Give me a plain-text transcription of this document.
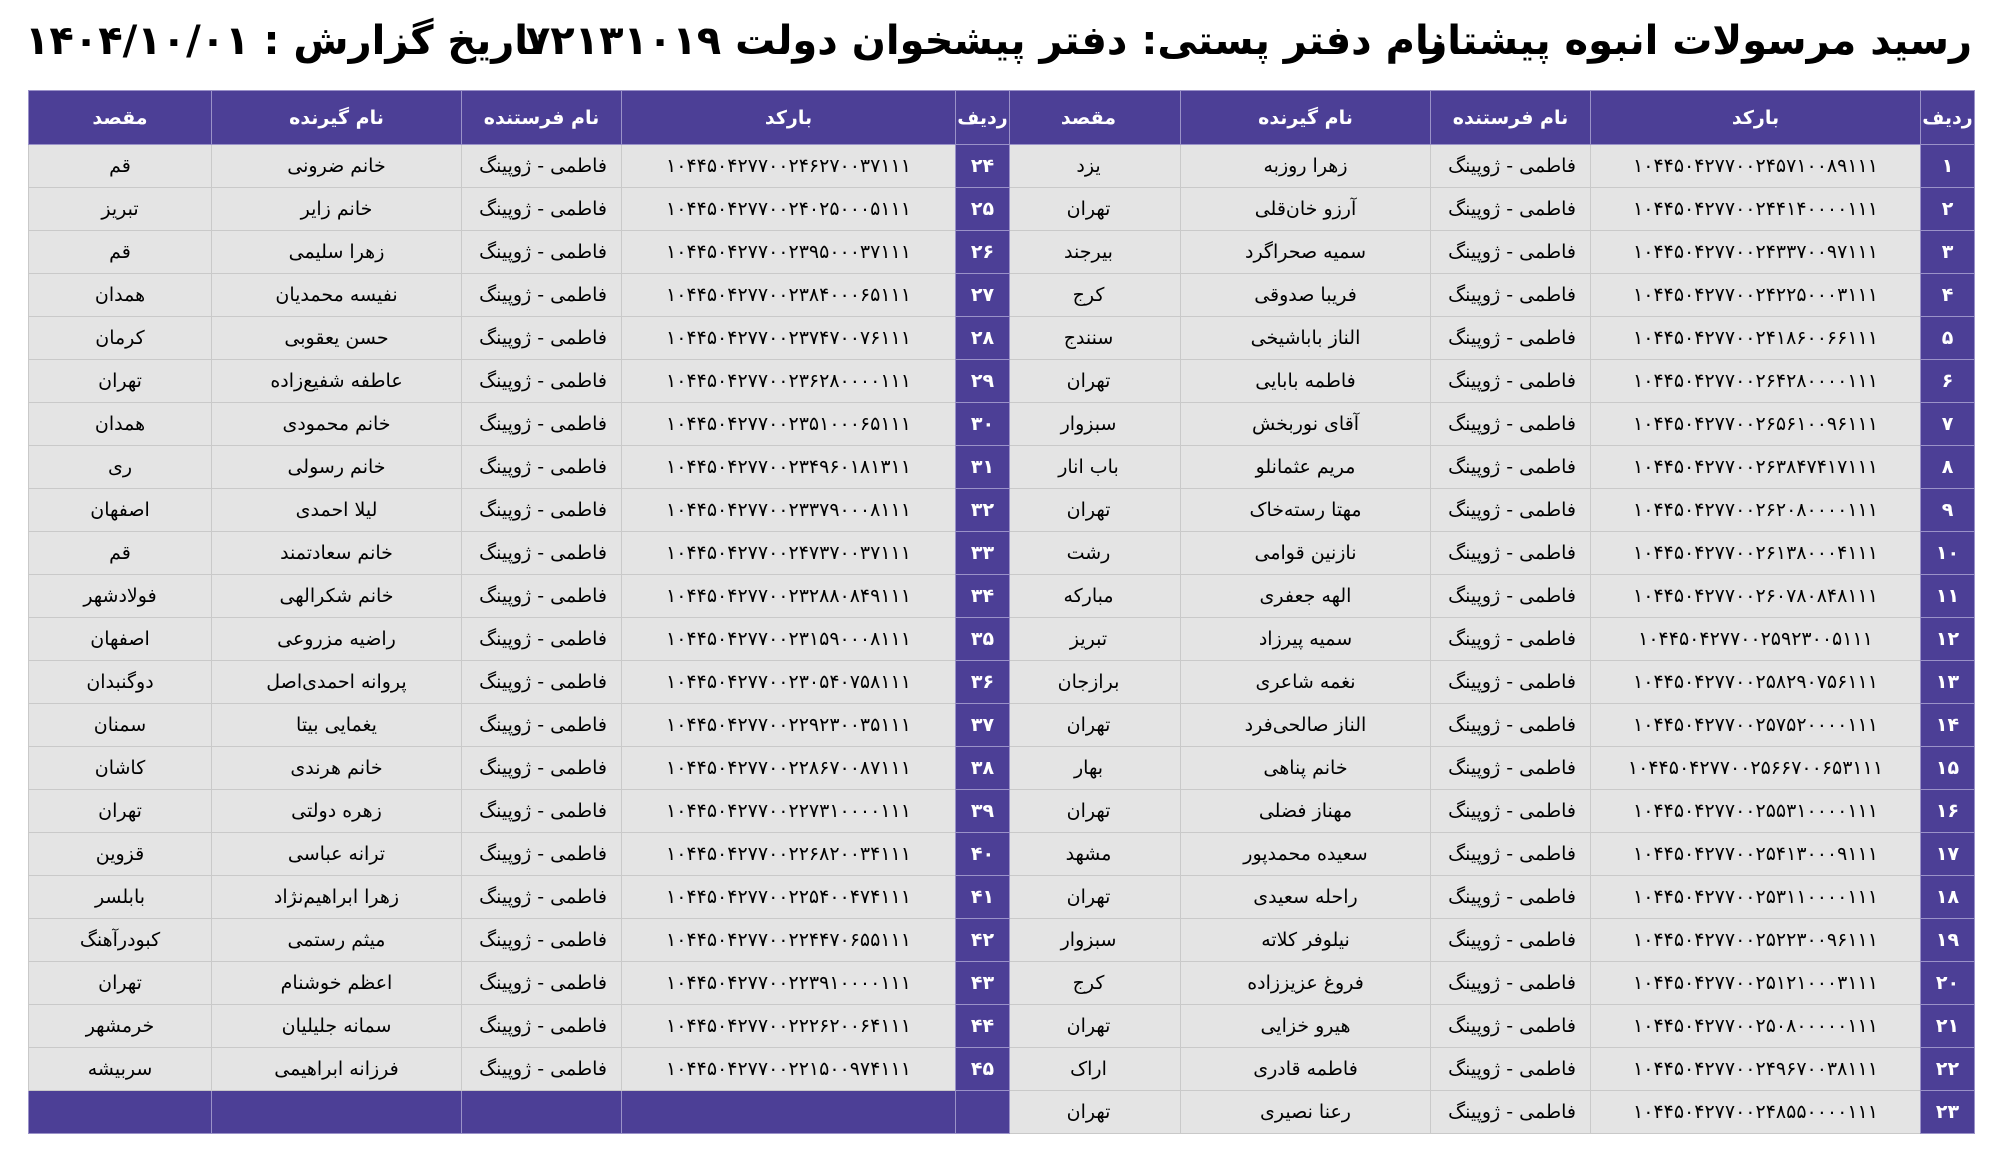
رسید مرسولات انبوه پیشتاز
نام دفتر پستی: دفتر پیشخوان دولت ۷۲۱۳۱۰۱۹
تاریخ گزارش : ۱۴۰۴/۱۰/۰۱
ردیف	بارکد	نام فرستنده	نام گیرنده	مقصد
۱	۱۰۴۴۵۰۴۲۷۷۰۰۲۴۵۷۱۰۰۸۹۱۱۱	فاطمی - ژوپینگ	زهرا روزبه	یزد
۲	۱۰۴۴۵۰۴۲۷۷۰۰۲۴۴۱۴۰۰۰۰۱۱۱	فاطمی - ژوپینگ	آرزو خان‌قلی	تهران
۳	۱۰۴۴۵۰۴۲۷۷۰۰۲۴۳۳۷۰۰۹۷۱۱۱	فاطمی - ژوپینگ	سمیه صحراگرد	بیرجند
۴	۱۰۴۴۵۰۴۲۷۷۰۰۲۴۲۲۵۰۰۰۳۱۱۱	فاطمی - ژوپینگ	فریبا صدوقی	کرج
۵	۱۰۴۴۵۰۴۲۷۷۰۰۲۴۱۸۶۰۰۶۶۱۱۱	فاطمی - ژوپینگ	الناز باباشیخی	سنندج
۶	۱۰۴۴۵۰۴۲۷۷۰۰۲۶۴۲۸۰۰۰۰۱۱۱	فاطمی - ژوپینگ	فاطمه بابایی	تهران
۷	۱۰۴۴۵۰۴۲۷۷۰۰۲۶۵۶۱۰۰۹۶۱۱۱	فاطمی - ژوپینگ	آقای نوربخش	سبزوار
۸	۱۰۴۴۵۰۴۲۷۷۰۰۲۶۳۸۴۷۴۱۷۱۱۱	فاطمی - ژوپینگ	مریم عثمانلو	باب انار
۹	۱۰۴۴۵۰۴۲۷۷۰۰۲۶۲۰۸۰۰۰۰۱۱۱	فاطمی - ژوپینگ	مهتا رسته‌خاک	تهران
۱۰	۱۰۴۴۵۰۴۲۷۷۰۰۲۶۱۳۸۰۰۰۴۱۱۱	فاطمی - ژوپینگ	نازنین قوامی	رشت
۱۱	۱۰۴۴۵۰۴۲۷۷۰۰۲۶۰۷۸۰۸۴۸۱۱۱	فاطمی - ژوپینگ	الهه جعفری	مبارکه
۱۲	۱۰۴۴۵۰۴۲۷۷۰۰۲۵۹۲۳۰۰۵۱۱۱	فاطمی - ژوپینگ	سمیه پیرزاد	تبریز
۱۳	۱۰۴۴۵۰۴۲۷۷۰۰۲۵۸۲۹۰۷۵۶۱۱۱	فاطمی - ژوپینگ	نغمه شاعری	برازجان
۱۴	۱۰۴۴۵۰۴۲۷۷۰۰۲۵۷۵۲۰۰۰۰۱۱۱	فاطمی - ژوپینگ	الناز صالحی‌فرد	تهران
۱۵	۱۰۴۴۵۰۴۲۷۷۰۰۲۵۶۶۷۰۰۶۵۳۱۱۱	فاطمی - ژوپینگ	خانم پناهی	بهار
۱۶	۱۰۴۴۵۰۴۲۷۷۰۰۲۵۵۳۱۰۰۰۰۱۱۱	فاطمی - ژوپینگ	مهناز فضلی	تهران
۱۷	۱۰۴۴۵۰۴۲۷۷۰۰۲۵۴۱۳۰۰۰۹۱۱۱	فاطمی - ژوپینگ	سعیده محمدپور	مشهد
۱۸	۱۰۴۴۵۰۴۲۷۷۰۰۲۵۳۱۱۰۰۰۰۱۱۱	فاطمی - ژوپینگ	راحله سعیدی	تهران
۱۹	۱۰۴۴۵۰۴۲۷۷۰۰۲۵۲۲۳۰۰۹۶۱۱۱	فاطمی - ژوپینگ	نیلوفر کلاته	سبزوار
۲۰	۱۰۴۴۵۰۴۲۷۷۰۰۲۵۱۲۱۰۰۰۳۱۱۱	فاطمی - ژوپینگ	فروغ عزیززاده	کرج
۲۱	۱۰۴۴۵۰۴۲۷۷۰۰۲۵۰۸۰۰۰۰۰۱۱۱	فاطمی - ژوپینگ	هیرو خزایی	تهران
۲۲	۱۰۴۴۵۰۴۲۷۷۰۰۲۴۹۶۷۰۰۳۸۱۱۱	فاطمی - ژوپینگ	فاطمه قادری	اراک
۲۳	۱۰۴۴۵۰۴۲۷۷۰۰۲۴۸۵۵۰۰۰۰۱۱۱	فاطمی - ژوپینگ	رعنا نصیری	تهران
ردیف	بارکد	نام فرستنده	نام گیرنده	مقصد
۲۴	۱۰۴۴۵۰۴۲۷۷۰۰۲۴۶۲۷۰۰۳۷۱۱۱	فاطمی - ژوپینگ	خانم ضرونی	قم
۲۵	۱۰۴۴۵۰۴۲۷۷۰۰۲۴۰۲۵۰۰۰۵۱۱۱	فاطمی - ژوپینگ	خانم زایر	تبریز
۲۶	۱۰۴۴۵۰۴۲۷۷۰۰۲۳۹۵۰۰۰۳۷۱۱۱	فاطمی - ژوپینگ	زهرا سلیمی	قم
۲۷	۱۰۴۴۵۰۴۲۷۷۰۰۲۳۸۴۰۰۰۶۵۱۱۱	فاطمی - ژوپینگ	نفیسه محمدیان	همدان
۲۸	۱۰۴۴۵۰۴۲۷۷۰۰۲۳۷۴۷۰۰۷۶۱۱۱	فاطمی - ژوپینگ	حسن یعقوبی	کرمان
۲۹	۱۰۴۴۵۰۴۲۷۷۰۰۲۳۶۲۸۰۰۰۰۱۱۱	فاطمی - ژوپینگ	عاطفه شفیع‌زاده	تهران
۳۰	۱۰۴۴۵۰۴۲۷۷۰۰۲۳۵۱۰۰۰۶۵۱۱۱	فاطمی - ژوپینگ	خانم محمودی	همدان
۳۱	۱۰۴۴۵۰۴۲۷۷۰۰۲۳۴۹۶۰۱۸۱۳۱۱	فاطمی - ژوپینگ	خانم رسولی	ری
۳۲	۱۰۴۴۵۰۴۲۷۷۰۰۲۳۳۷۹۰۰۰۸۱۱۱	فاطمی - ژوپینگ	لیلا احمدی	اصفهان
۳۳	۱۰۴۴۵۰۴۲۷۷۰۰۲۴۷۳۷۰۰۳۷۱۱۱	فاطمی - ژوپینگ	خانم سعادتمند	قم
۳۴	۱۰۴۴۵۰۴۲۷۷۰۰۲۳۲۸۸۰۸۴۹۱۱۱	فاطمی - ژوپینگ	خانم شکرالهی	فولادشهر
۳۵	۱۰۴۴۵۰۴۲۷۷۰۰۲۳۱۵۹۰۰۰۸۱۱۱	فاطمی - ژوپینگ	راضیه مزروعی	اصفهان
۳۶	۱۰۴۴۵۰۴۲۷۷۰۰۲۳۰۵۴۰۷۵۸۱۱۱	فاطمی - ژوپینگ	پروانه احمدی‌اصل	دوگنبدان
۳۷	۱۰۴۴۵۰۴۲۷۷۰۰۲۲۹۲۳۰۰۳۵۱۱۱	فاطمی - ژوپینگ	یغمایی بیتا	سمنان
۳۸	۱۰۴۴۵۰۴۲۷۷۰۰۲۲۸۶۷۰۰۸۷۱۱۱	فاطمی - ژوپینگ	خانم هرندی	کاشان
۳۹	۱۰۴۴۵۰۴۲۷۷۰۰۲۲۷۳۱۰۰۰۰۱۱۱	فاطمی - ژوپینگ	زهره دولتی	تهران
۴۰	۱۰۴۴۵۰۴۲۷۷۰۰۲۲۶۸۲۰۰۳۴۱۱۱	فاطمی - ژوپینگ	ترانه عباسی	قزوین
۴۱	۱۰۴۴۵۰۴۲۷۷۰۰۲۲۵۴۰۰۴۷۴۱۱۱	فاطمی - ژوپینگ	زهرا ابراهیم‌نژاد	بابلسر
۴۲	۱۰۴۴۵۰۴۲۷۷۰۰۲۲۴۴۷۰۶۵۵۱۱۱	فاطمی - ژوپینگ	میثم رستمی	کبودرآهنگ
۴۳	۱۰۴۴۵۰۴۲۷۷۰۰۲۲۳۹۱۰۰۰۰۱۱۱	فاطمی - ژوپینگ	اعظم خوشنام	تهران
۴۴	۱۰۴۴۵۰۴۲۷۷۰۰۲۲۲۶۲۰۰۶۴۱۱۱	فاطمی - ژوپینگ	سمانه جلیلیان	خرمشهر
۴۵	۱۰۴۴۵۰۴۲۷۷۰۰۲۲۱۵۰۰۹۷۴۱۱۱	فاطمی - ژوپینگ	فرزانه ابراهیمی	سربیشه
